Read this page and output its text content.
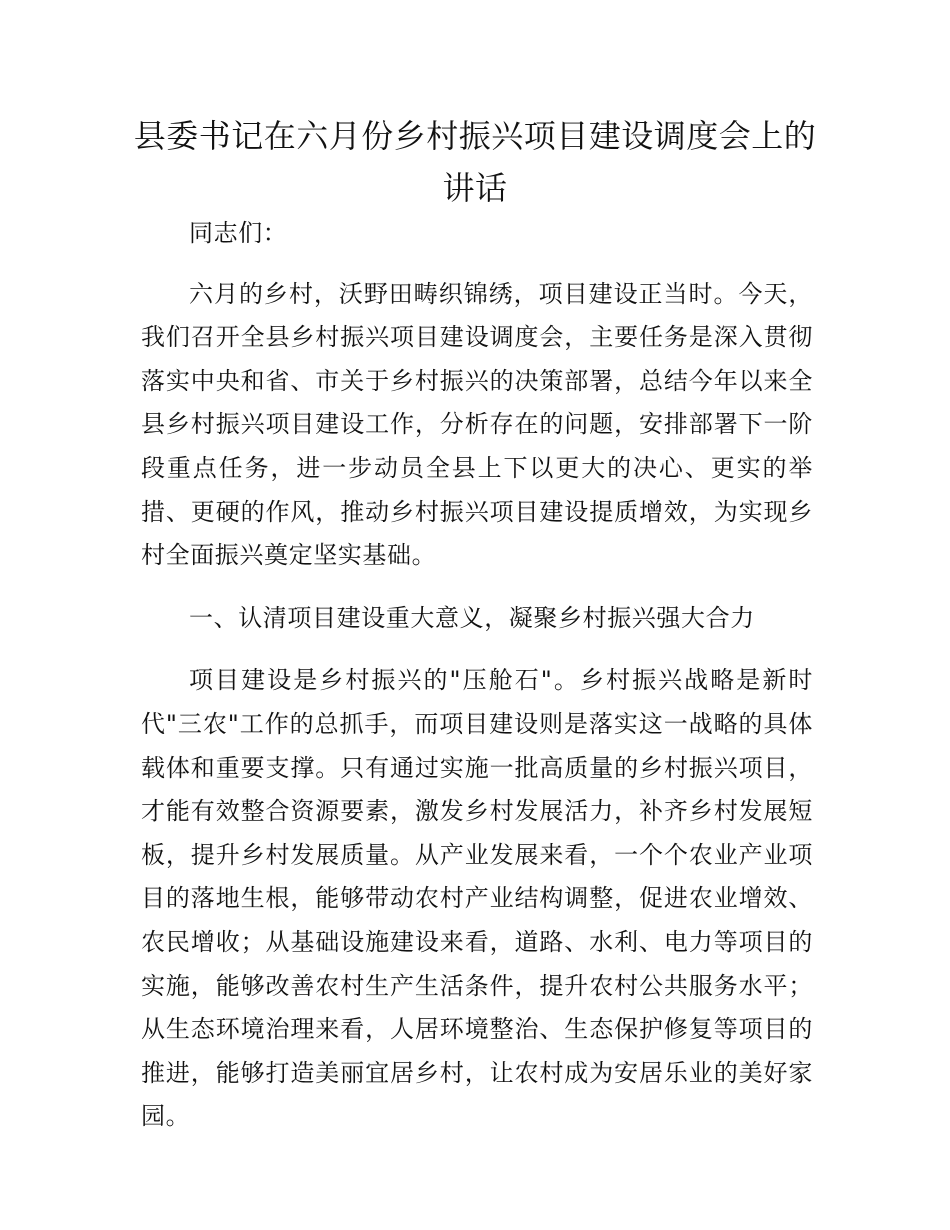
县委书记在六月份乡村振兴项目建设调度会上的讲话

同志们：

六月的乡村，沃野田畴织锦绣，项目建设正当时。今天，我们召开全县乡村振兴项目建设调度会，主要任务是深入贯彻落实中央和省、市关于乡村振兴的决策部署，总结今年以来全县乡村振兴项目建设工作，分析存在的问题，安排部署下一阶段重点任务，进一步动员全县上下以更大的决心、更实的举措、更硬的作风，推动乡村振兴项目建设提质增效，为实现乡村全面振兴奠定坚实基础。

一、认清项目建设重大意义，凝聚乡村振兴强大合力

项目建设是乡村振兴的"压舱石"。乡村振兴战略是新时代"三农"工作的总抓手，而项目建设则是落实这一战略的具体载体和重要支撑。只有通过实施一批高质量的乡村振兴项目，才能有效整合资源要素，激发乡村发展活力，补齐乡村发展短板，提升乡村发展质量。从产业发展来看，一个个农业产业项目的落地生根，能够带动农村产业结构调整，促进农业增效、农民增收；从基础设施建设来看，道路、水利、电力等项目的实施，能够改善农村生产生活条件，提升农村公共服务水平；从生态环境治理来看，人居环境整治、生态保护修复等项目的推进，能够打造美丽宜居乡村，让农村成为安居乐业的美好家园。
